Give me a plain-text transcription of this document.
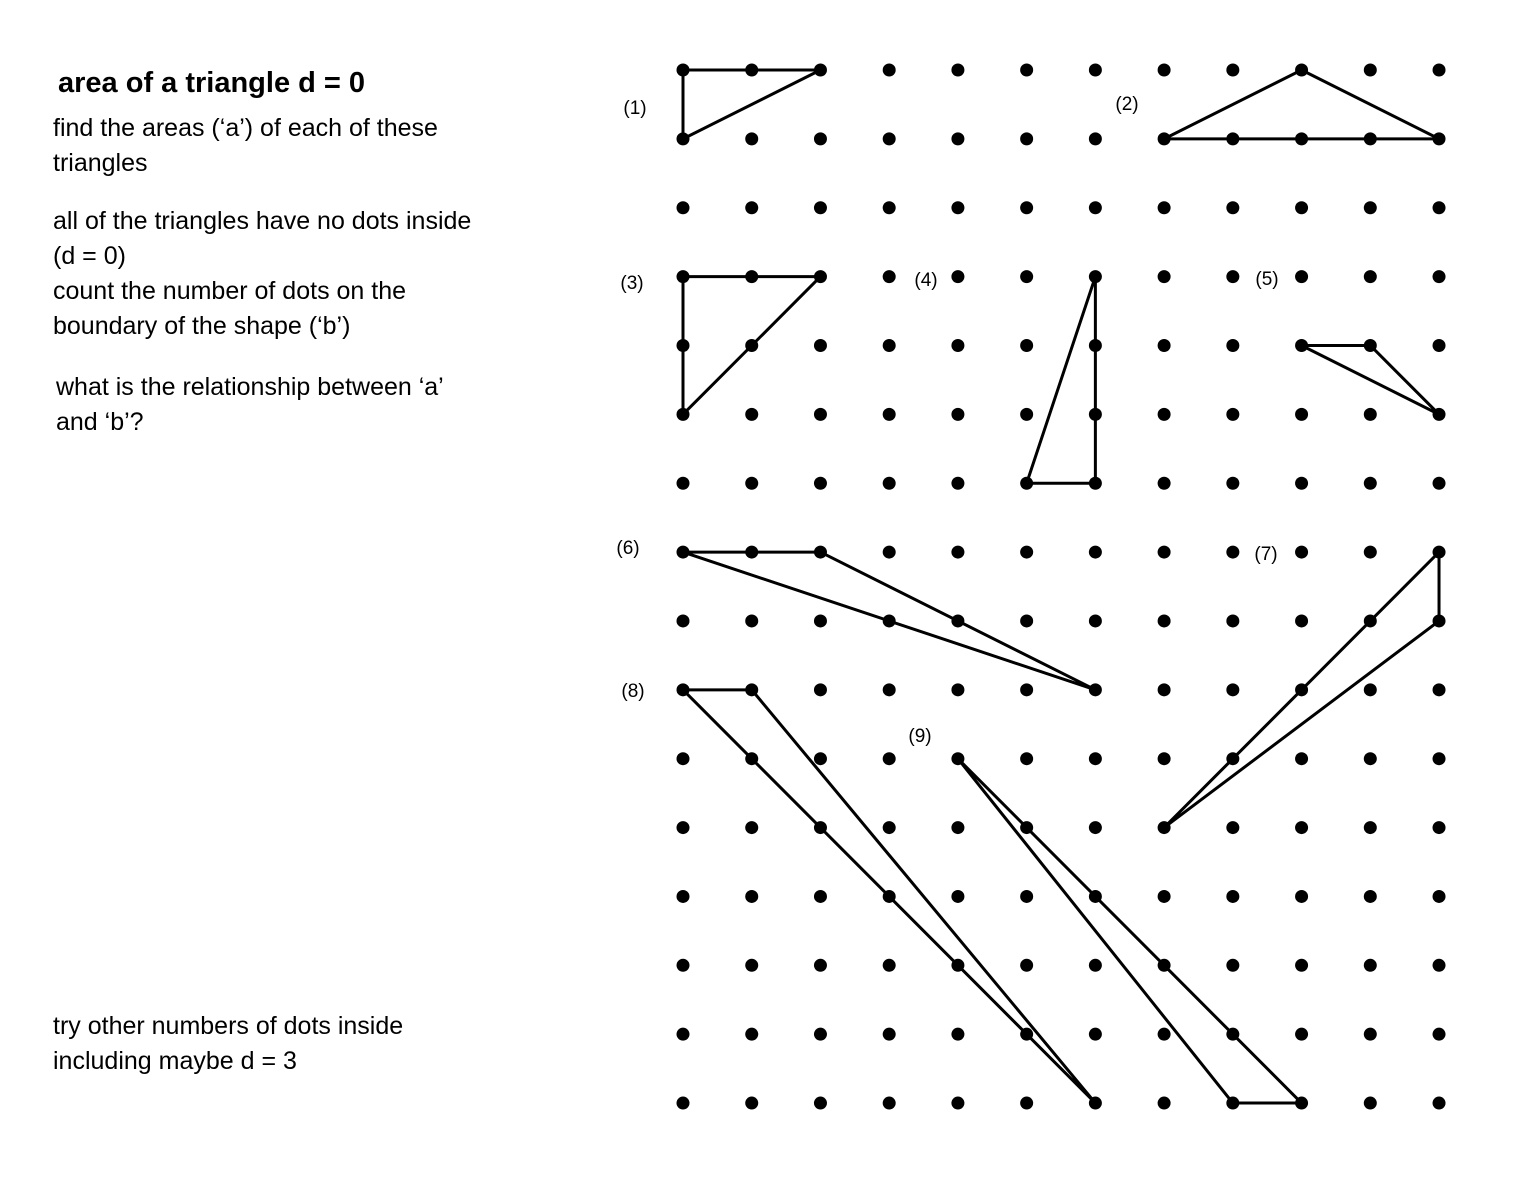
area of a triangle d = 0

find the areas (‘a’) of each of these
triangles

all of the triangles have no dots inside
(d = 0)

count the number of dots on the
boundary of the shape (‘b’)

what is the relationship between ‘a’
and ‘b’?

try other numbers of dots inside
including maybe d = 3

(1)	(2)
(3)	(4)	(5)
(6)	(7)
(8)
(9)
